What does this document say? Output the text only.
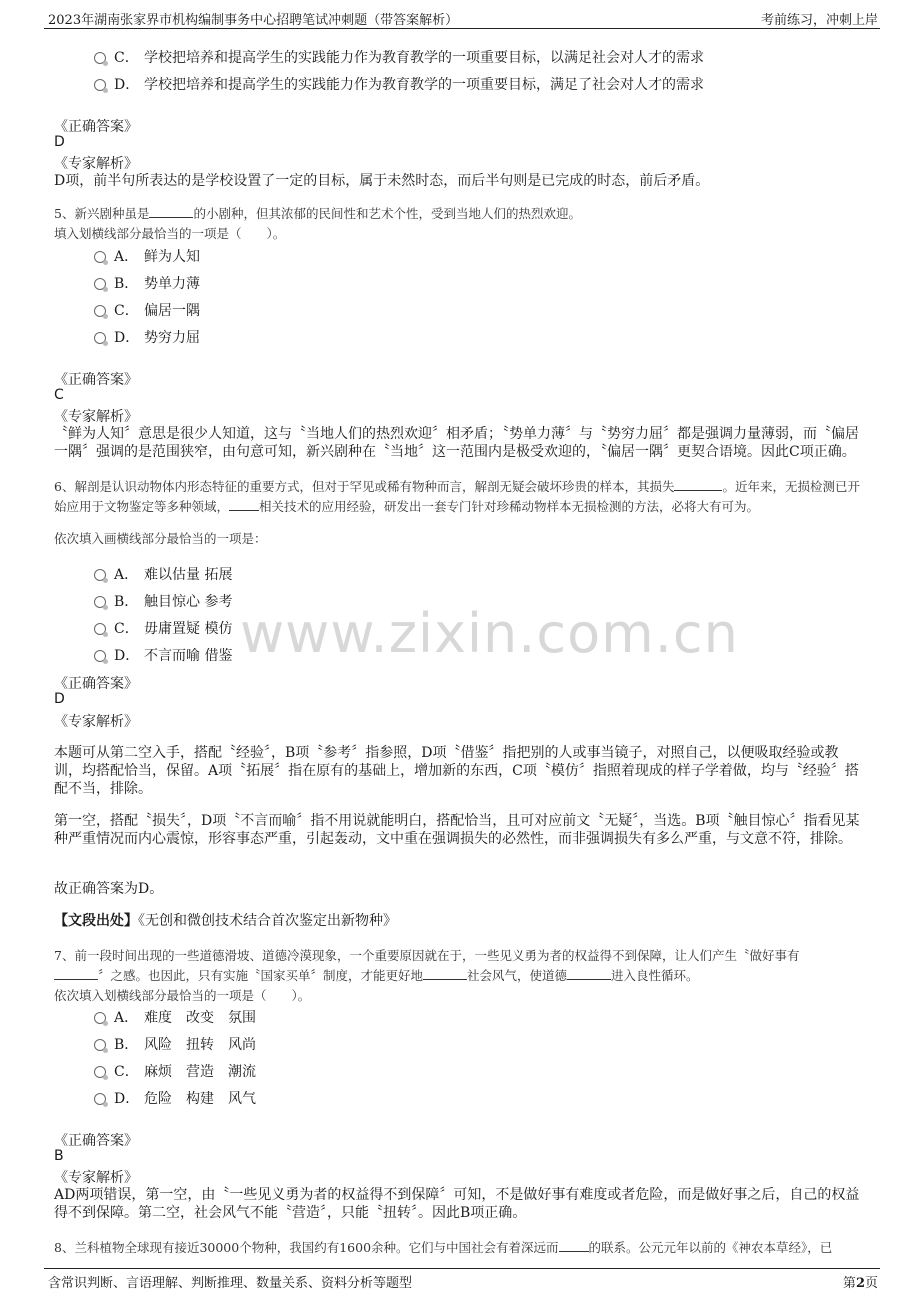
2023年湖南张家界市机构编制事务中心招聘笔试冲刺题（带答案解析）	考前练习，冲刺上岸
www.zixin.com.cn
C． 学校把培养和提高学生的实践能力作为教育教学的一项重要目标，以满足社会对人才的需求
D． 学校把培养和提高学生的实践能力作为教育教学的一项重要目标，满足了社会对人才的需求
《正确答案》
D
《专家解析》
D项，前半句所表达的是学校设置了一定的目标，属于未然时态，而后半句则是已完成的时态，前后矛盾。
5、新兴剧种虽是	的小剧种，但其浓郁的民间性和艺术个性，受到当地人们的热烈欢迎。
填入划横线部分最恰当的一项是（　　）。
A． 鲜为人知
B． 势单力薄
C． 偏居一隅
D． 势穷力屈
《正确答案》
C
《专家解析》
〝鲜为人知〞意思是很少人知道，这与〝当地人们的热烈欢迎〞相矛盾；〝势单力薄〞与〝势穷力屈〞都是强调力量薄弱，而〝偏居一隅〞强调的是范围狭窄，由句意可知，新兴剧种在〝当地〞这一范围内是极受欢迎的，〝偏居一隅〞更契合语境。因此C项正确。
6、解剖是认识动物体内形态特征的重要方式，但对于罕见或稀有物种而言，解剖无疑会破坏珍贵的样本，其损失	。近年来，无损检测已开始应用于文物鉴定等多种领域， 相关技术的应用经验，研发出一套专门针对珍稀动物样本无损检测的方法，必将大有可为。
依次填入画横线部分最恰当的一项是：
A． 难以估量 拓展
B． 触目惊心 参考
C． 毋庸置疑 模仿
D． 不言而喻 借鉴
《正确答案》
D
《专家解析》
本题可从第二空入手，搭配〝经验〞，B项〝参考〞指参照，D项〝借鉴〞指把别的人或事当镜子，对照自己，以便吸取经验或教训，均搭配恰当，保留。A项〝拓展〞指在原有的基础上，增加新的东西，C项〝模仿〞指照着现成的样子学着做，均与〝经验〞搭配不当，排除。
第一空，搭配〝损失〞，D项〝不言而喻〞指不用说就能明白，搭配恰当，且可对应前文〝无疑〞，当选。B项〝触目惊心〞指看见某种严重情况而内心震惊，形容事态严重，引起轰动，文中重在强调损失的必然性，而非强调损失有多么严重，与文意不符，排除。
故正确答案为D。
【文段出处】《无创和微创技术结合首次鉴定出新物种》
7、前一段时间出现的一些道德滑坡、道德冷漠现象，一个重要原因就在于，一些见义勇为者的权益得不到保障，让人们产生〝做好事有
〞之感。也因此，只有实施〝国家买单〞制度，才能更好地	社会风气，使道德	进入良性循环。
依次填入划横线部分最恰当的一项是（　　）。
A． 难度　改变　氛围
B． 风险　扭转　风尚
C． 麻烦　营造　潮流
D． 危险　构建　风气
《正确答案》
B
《专家解析》
AD两项错误，第一空，由〝一些见义勇为者的权益得不到保障〞可知，不是做好事有难度或者危险，而是做好事之后，自己的权益得不到保障。第二空，社会风气不能〝营造〞，只能〝扭转〞。因此B项正确。
8、兰科植物全球现有接近30000个物种，我国约有1600余种。它们与中国社会有着深远而 的联系。公元元年以前的《神农本草经》，已
含常识判断、言语理解、判断推理、数量关系、资料分析等题型	第2页
